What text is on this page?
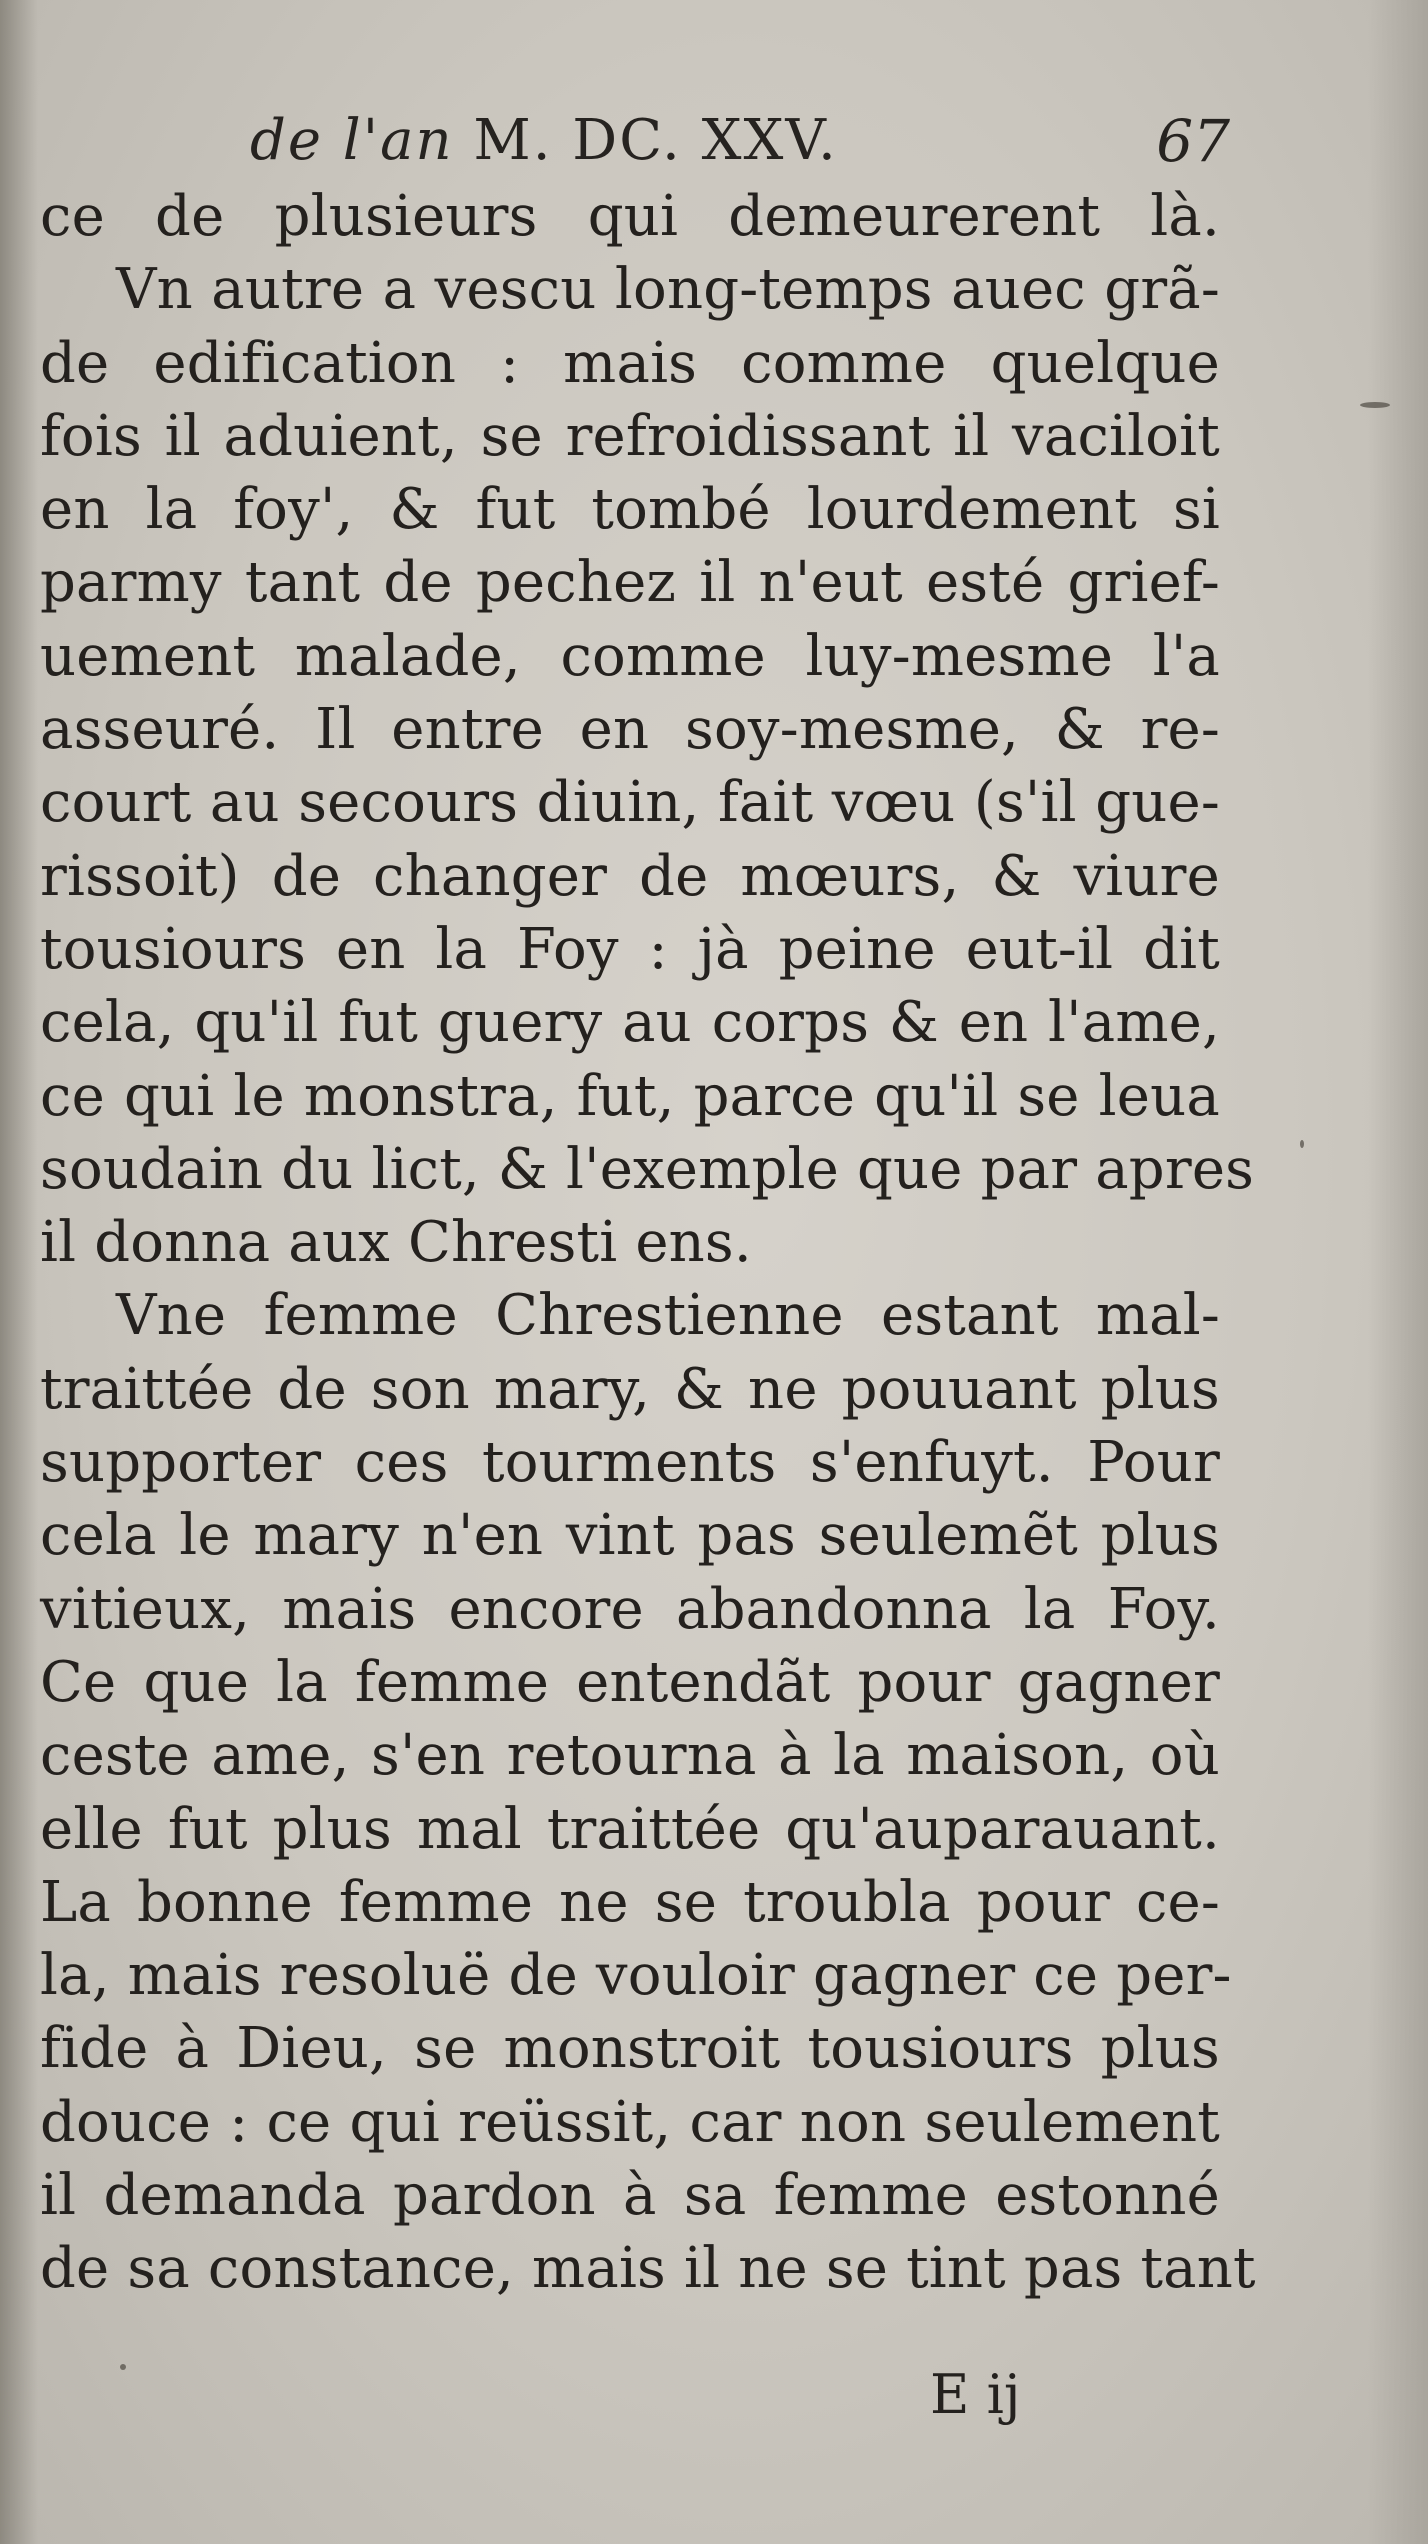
de l'an M. DC. XXV.	67
ce de plusieurs qui demeurerent là.
Vn autre a vescu long-temps auec grã-
de edification : mais comme quelque
fois il aduient, se refroidissant il vaciloit
en la foy', & fut tombé lourdement si
parmy tant de pechez il n'eut esté grief-
uement malade, comme luy-mesme l'a
asseuré. Il entre en soy-mesme, & re-
court au secours diuin, fait vœu (s'il gue-
rissoit) de changer de mœurs, & viure
tousiours en la Foy : jà peine eut-il dit
cela, qu'il fut guery au corps & en l'ame,
ce qui le monstra, fut, parce qu'il se leua
soudain du lict, & l'exemple que par apres
il donna aux Chresti ens.
Vne femme Chrestienne estant mal-
traittée de son mary, & ne pouuant plus
supporter ces tourments s'enfuyt. Pour
cela le mary n'en vint pas seulemẽt plus
vitieux, mais encore abandonna la Foy.
Ce que la femme entendãt pour gagner
ceste ame, s'en retourna à la maison, où
elle fut plus mal traittée qu'auparauant.
La bonne femme ne se troubla pour ce-
la, mais resoluë de vouloir gagner ce per-
fide à Dieu, se monstroit tousiours plus
douce : ce qui reüssit, car non seulement
il demanda pardon à sa femme estonné
de sa constance, mais il ne se tint pas tant
E ij
